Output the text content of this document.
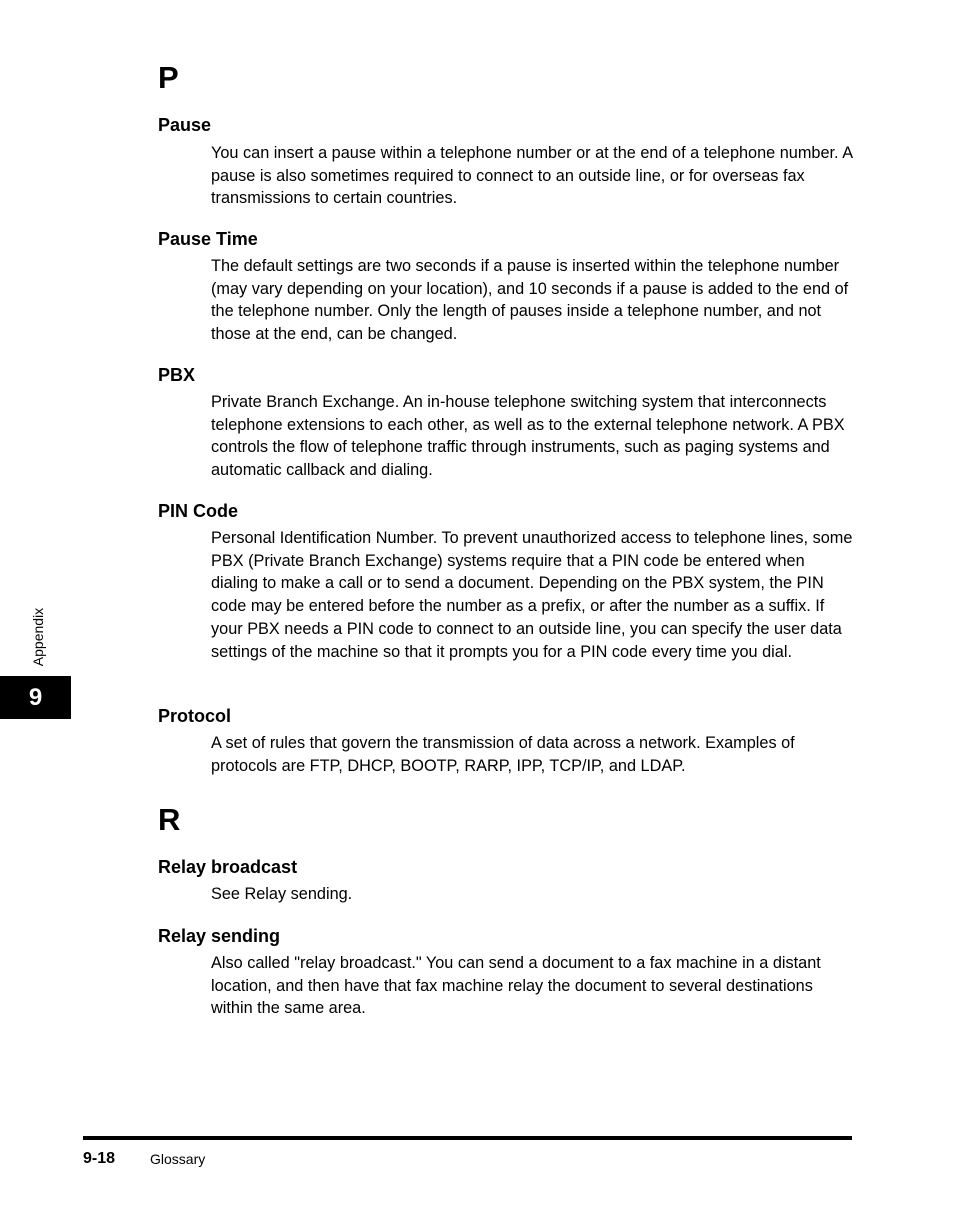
P
Pause

You can insert a pause within a telephone number or at the end of a telephone number. A pause is also sometimes required to connect to an outside line, or for overseas fax transmissions to certain countries.

Pause Time

The default settings are two seconds if a pause is inserted within the telephone number (may vary depending on your location), and 10 seconds if a pause is added to the end of the telephone number. Only the length of pauses inside a telephone number, and not those at the end, can be changed.

PBX

Private Branch Exchange. An in-house telephone switching system that interconnects telephone extensions to each other, as well as to the external telephone network. A PBX controls the flow of telephone traffic through instruments, such as paging systems and automatic callback and dialing.

PIN Code

Personal Identification Number. To prevent unauthorized access to telephone lines, some PBX (Private Branch Exchange) systems require that a PIN code be entered when dialing to make a call or to send a document. Depending on the PBX system, the PIN code may be entered before the number as a prefix, or after the number as a suffix. If your PBX needs a PIN code to connect to an outside line, you can specify the user data settings of the machine so that it prompts you for a PIN code every time you dial.

Protocol

A set of rules that govern the transmission of data across a network. Examples of protocols are FTP, DHCP, BOOTP, RARP, IPP, TCP/IP, and LDAP.

R
Relay broadcast

See Relay sending.

Relay sending

Also called "relay broadcast." You can send a document to a fax machine in a distant location, and then have that fax machine relay the document to several destinations within the same area.

Appendix
9
9-18 Glossary
